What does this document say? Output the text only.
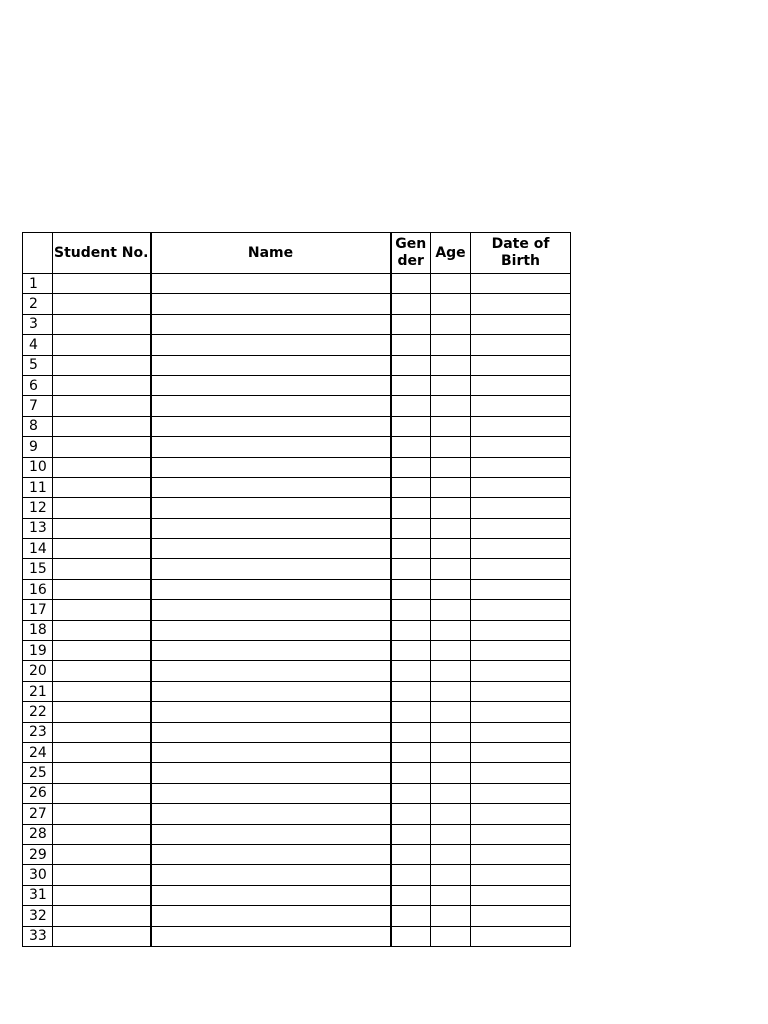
	Student No.	Name	Gender	Age	Date of Birth
1					
2					
3					
4					
5					
6					
7					
8					
9					
10					
11					
12					
13					
14					
15					
16					
17					
18					
19					
20					
21					
22					
23					
24					
25					
26					
27					
28					
29					
30					
31					
32					
33					
